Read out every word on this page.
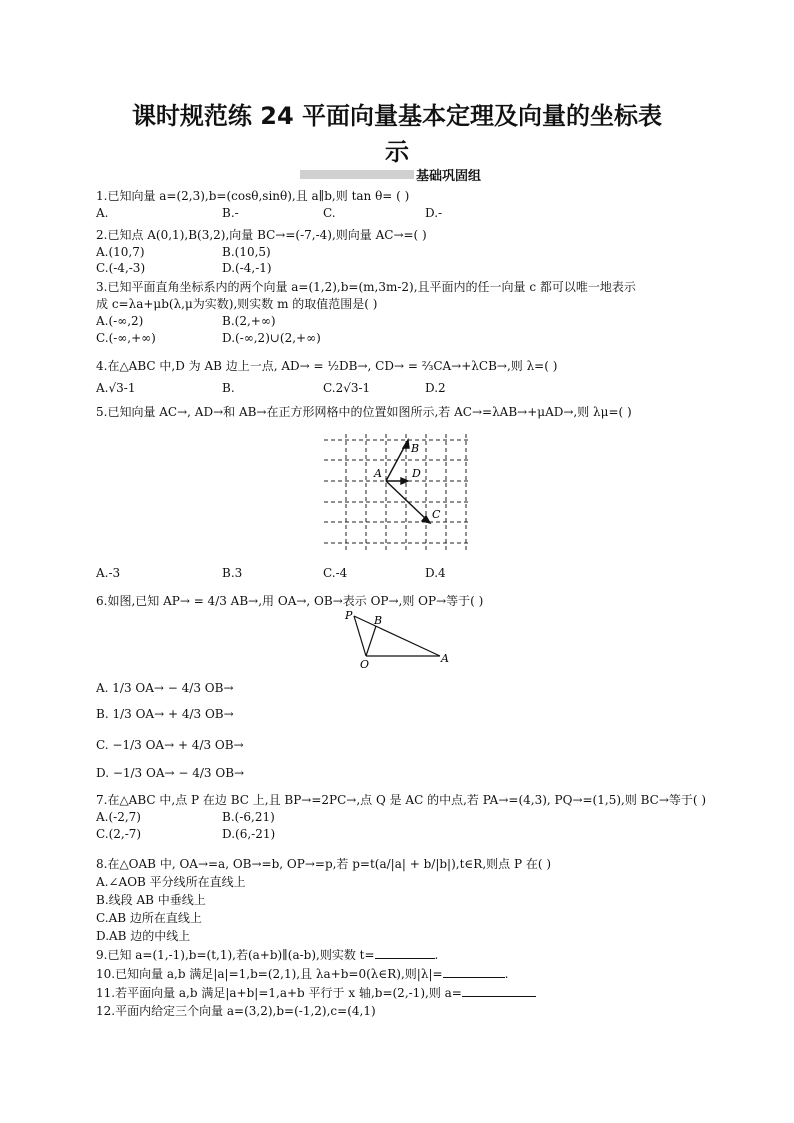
课时规范练 24 平面向量基本定理及向量的坐标表
示
基础巩固组
1.已知向量 a=(2,3),b=(cosθ,sinθ),且 a∥b,则 tan θ= ( )
A.	B.-	C.	D.-
2.已知点 A(0,1),B(3,2),向量 BC→=(-7,-4),则向量 AC→=( )
A.(10,7)	B.(10,5)
C.(-4,-3)	D.(-4,-1)
3.已知平面直角坐标系内的两个向量 a=(1,2),b=(m,3m-2),且平面内的任一向量 c 都可以唯一地表示
成 c=λa+μb(λ,μ为实数),则实数 m 的取值范围是( )
A.(-∞,2)	B.(2,+∞)
C.(-∞,+∞)	D.(-∞,2)∪(2,+∞)
4.在△ABC 中,D 为 AB 边上一点, AD→ = ½DB→, CD→ = ⅔CA→+λCB→,则 λ=( )
A.√3-1	B.	C.2√3-1	D.2
5.已知向量 AC→, AD→和 AB→在正方形网格中的位置如图所示,若 AC→=λAB→+μAD→,则 λμ=( )
A
B
D
C
A.-3	B.3	C.-4	D.4
6.如图,已知 AP→ = 4/3 AB→,用 OA→, OB→表示 OP→,则 OP→等于( )
P B
O	A
A. 1/3 OA→ − 4/3 OB→
B. 1/3 OA→ + 4/3 OB→
C. −1/3 OA→ + 4/3 OB→
D. −1/3 OA→ − 4/3 OB→
7.在△ABC 中,点 P 在边 BC 上,且 BP→=2PC→,点 Q 是 AC 的中点,若 PA→=(4,3), PQ→=(1,5),则 BC→等于( )
A.(-2,7)	B.(-6,21)
C.(2,-7)	D.(6,-21)
8.在△OAB 中, OA→=a, OB→=b, OP→=p,若 p=t(a/|a| + b/|b|),t∈R,则点 P 在( )
A.∠AOB 平分线所在直线上
B.线段 AB 中垂线上
C.AB 边所在直线上
D.AB 边的中线上
9.已知 a=(1,-1),b=(t,1),若(a+b)∥(a-b),则实数 t=	.
10.已知向量 a,b 满足|a|=1,b=(2,1),且 λa+b=0(λ∈R),则|λ|=	.
11.若平面向量 a,b 满足|a+b|=1,a+b 平行于 x 轴,b=(2,-1),则 a=
12.平面内给定三个向量 a=(3,2),b=(-1,2),c=(4,1)
